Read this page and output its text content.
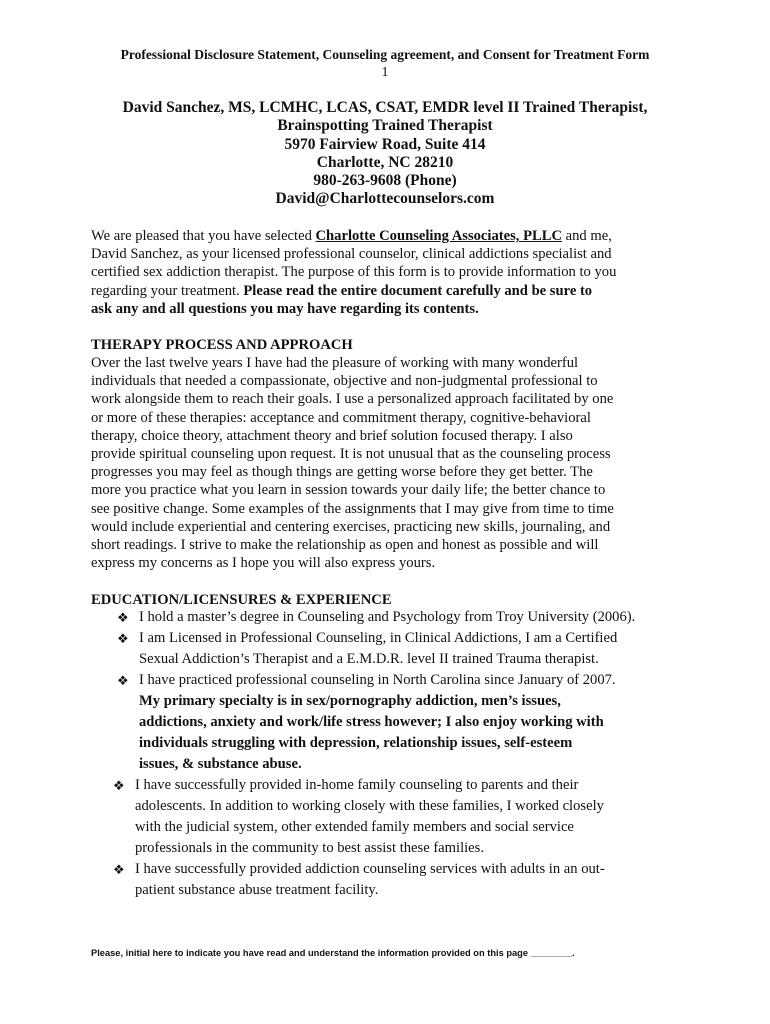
Professional Disclosure Statement, Counseling agreement, and Consent for Treatment Form
1
David Sanchez, MS, LCMHC, LCAS, CSAT, EMDR level II Trained Therapist,
Brainspotting Trained Therapist
5970 Fairview Road, Suite 414
Charlotte, NC 28210
980-263-9608 (Phone)
David@Charlottecounselors.com
We are pleased that you have selected Charlotte Counseling Associates, PLLC and me,
David Sanchez, as your licensed professional counselor, clinical addictions specialist and
certified sex addiction therapist. The purpose of this form is to provide information to you
regarding your treatment. Please read the entire document carefully and be sure to
ask any and all questions you may have regarding its contents.
THERAPY PROCESS AND APPROACH
Over the last twelve years I have had the pleasure of working with many wonderful
individuals that needed a compassionate, objective and non-judgmental professional to
work alongside them to reach their goals. I use a personalized approach facilitated by one
or more of these therapies: acceptance and commitment therapy, cognitive-behavioral
therapy, choice theory, attachment theory and brief solution focused therapy. I also
provide spiritual counseling upon request. It is not unusual that as the counseling process
progresses you may feel as though things are getting worse before they get better. The
more you practice what you learn in session towards your daily life; the better chance to
see positive change. Some examples of the assignments that I may give from time to time
would include experiential and centering exercises, practicing new skills, journaling, and
short readings. I strive to make the relationship as open and honest as possible and will
express my concerns as I hope you will also express yours.
EDUCATION/LICENSURES & EXPERIENCE
❖ I hold a master’s degree in Counseling and Psychology from Troy University (2006).
❖ I am Licensed in Professional Counseling, in Clinical Addictions, I am a Certified
Sexual Addiction’s Therapist and a E.M.D.R. level II trained Trauma therapist.
❖ I have practiced professional counseling in North Carolina since January of 2007.
My primary specialty is in sex/pornography addiction, men’s issues,
addictions, anxiety and work/life stress however; I also enjoy working with
individuals struggling with depression, relationship issues, self-esteem
issues, & substance abuse.
❖ I have successfully provided in-home family counseling to parents and their
adolescents. In addition to working closely with these families, I worked closely
with the judicial system, other extended family members and social service
professionals in the community to best assist these families.
❖ I have successfully provided addiction counseling services with adults in an out-
patient substance abuse treatment facility.
Please, initial here to indicate you have read and understand the information provided on this page ________.
